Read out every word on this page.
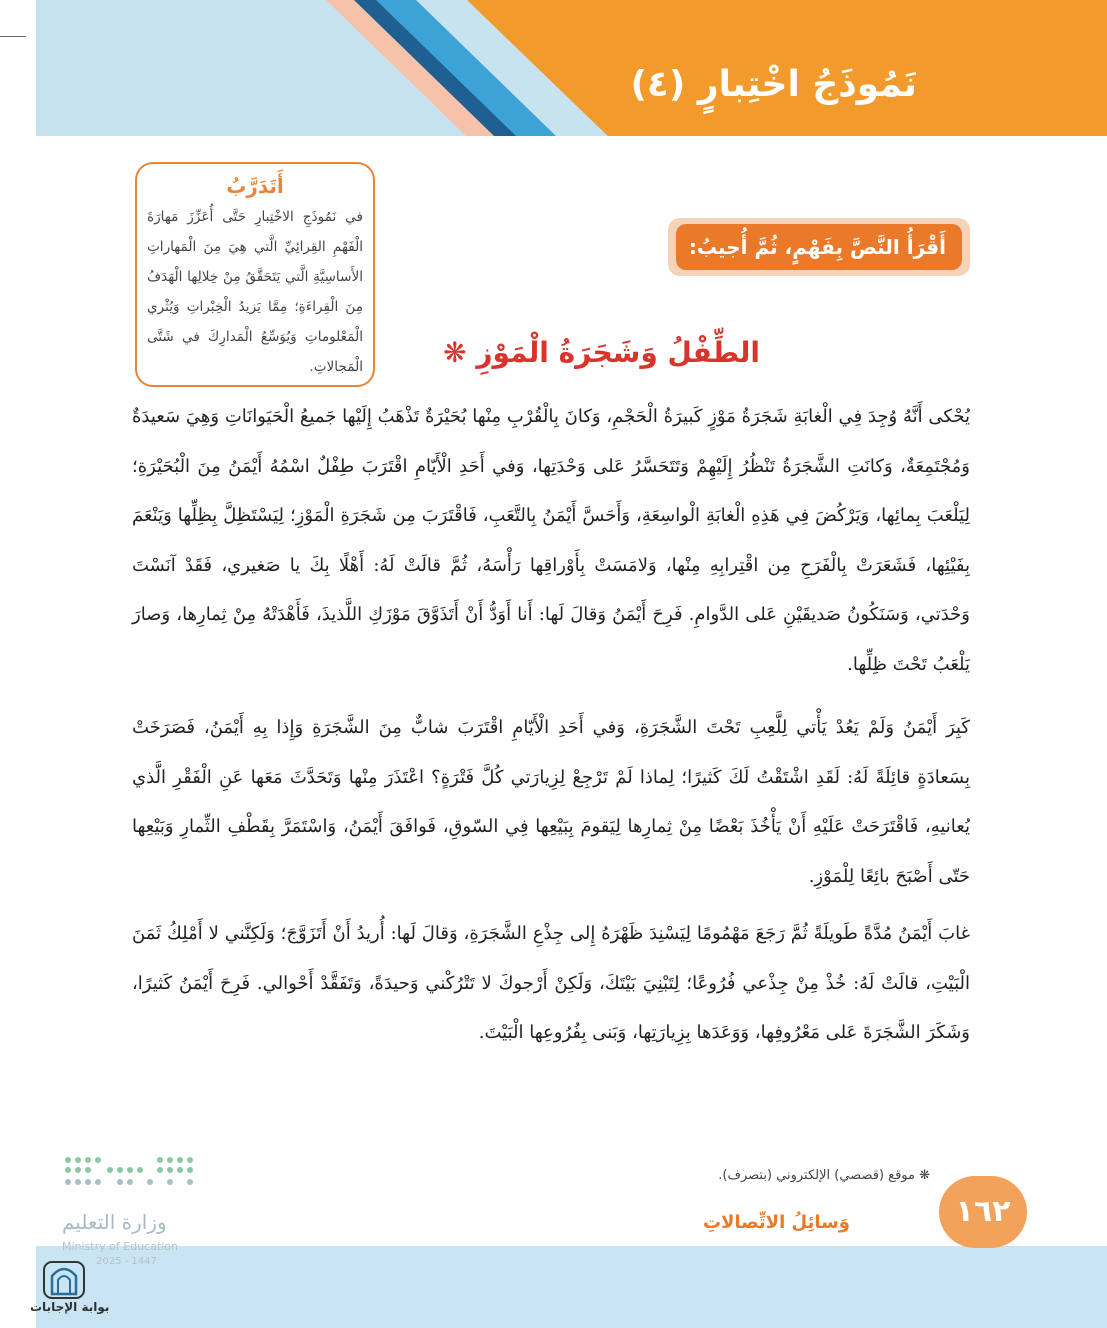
نَمُوذَجُ اخْتِبارٍ (٤)
أَتَدَرَّبُ
في نَمُوذَجِ الاخْتِبارِ حَتَّى أُعَزِّزَ مَهارَةَ الْفَهْمِ القِرائِيِّ الَّتي هِيَ مِنَ الْمَهاراتِ الأَساسِيَّةِ الَّتي يَتَحَقَّقُ مِنْ خِلالِها الْهَدَفُ مِنَ الْقِراءَةِ؛ مِمَّا يَزيدُ الْخِبْراتِ وَيُثْري الْمَعْلوماتِ وَيُوَسِّعُ الْمَدارِكَ في شَتَّى الْمَجالاتِ.
أَقْرَأُ النَّصَّ بِفَهْمٍ، ثُمَّ أُجيبُ:
الطِّفْلُ وَشَجَرَةُ الْمَوْزِ ❋

يُحْكى أَنَّهُ وُجِدَ فِي الْغابَةِ شَجَرَةُ مَوْزٍ كَبيرَةُ الْحَجْمِ، وَكانَ بِالْقُرْبِ مِنْها بُحَيْرَةٌ تَذْهَبُ إِلَيْها جَميعُ الْحَيَوانَاتِ وَهِيَ سَعيدَةٌ وَمُجْتَمِعَةٌ، وَكانَتِ الشَّجَرَةُ تَنْظُرُ إِلَيْهِمْ وَتَتَحَسَّرُ عَلى وَحْدَتِها، وَفي أَحَدِ الْأَيّامِ اقْتَرَبَ طِفْلٌ اسْمُهُ أَيْمَنُ مِنَ الْبُحَيْرَةِ؛ لِيَلْعَبَ بِمائِها، وَيَرْكُضَ فِي هَذِهِ الْغابَةِ الْواسِعَةِ، وَأَحَسَّ أَيْمَنُ بِالتَّعَبِ، فَاقْتَرَبَ مِن شَجَرَةِ الْمَوْزِ؛ لِيَسْتَظِلَّ بِظِلِّها وَيَنْعَمَ بِفَيْئِها، فَشَعَرَتْ بِالْفَرَحِ مِن اقْتِرابِهِ مِنْها، وَلامَسَتْ بِأَوْراقِها رَأْسَهُ، ثُمَّ قالَتْ لَهُ: أَهْلًا بِكَ يا صَغيري، فَقَدْ آنَسْتَ وَحْدَتي، وَسَنَكُونُ صَديقَيْنِ عَلى الدَّوامِ. فَرِحَ أَيْمَنُ وَقالَ لَها: أَنا أَوَدُّ أَنْ أَتَذَوَّقَ مَوْزَكِ اللَّذيذَ، فَأَهْدَتْهُ مِنْ ثِمارِها، وَصارَ يَلْعَبُ تَحْتَ ظِلِّها.

كَبِرَ أَيْمَنُ وَلَمْ يَعُدْ يَأْتي لِلَّعِبِ تَحْتَ الشَّجَرَةِ، وَفي أَحَدِ الْأَيّامِ اقْتَرَبَ شابٌّ مِنَ الشَّجَرَةِ وَإِذا بِهِ أَيْمَنُ، فَصَرَخَتْ بِسَعادَةٍ قائِلَةً لَهُ: لَقَدِ اشْتَقْتُ لَكَ كَثيرًا؛ لِماذا لَمْ تَرْجِعْ لِزِيارَتي كُلَّ فَتْرَةٍ؟ اعْتَذَرَ مِنْها وَتَحَدَّثَ مَعَها عَنِ الْفَقْرِ الَّذي يُعانيهِ، فَاقْتَرَحَتْ عَلَيْهِ أَنْ يَأْخُذَ بَعْضًا مِنْ ثِمارِها لِيَقومَ بِبَيْعِها فِي السّوقِ، فَوافَقَ أَيْمَنُ، وَاسْتَمَرَّ بِقَطْفِ الثِّمارِ وَبَيْعِها حَتّى أَصْبَحَ بائِعًا لِلْمَوْزِ.

غابَ أَيْمَنُ مُدَّةً طَويلَةً ثُمَّ رَجَعَ مَهْمُومًا لِيَسْنِدَ ظَهْرَهُ إِلى جِذْعِ الشَّجَرَةِ، وَقالَ لَها: أُريدُ أَنْ أَتَزَوَّجَ؛ وَلَكِنَّني لا أَمْلِكُ ثَمَنَ الْبَيْتِ، قالَتْ لَهُ: خُذْ مِنْ جِذْعي فُرُوعًا؛ لِتَبْنِيَ بَيْتَكَ، وَلَكِنْ أَرْجوكَ لا تَتْرُكْني وَحيدَةً، وَتَفَقَّدْ أَحْوالي. فَرِحَ أَيْمَنُ كَثيرًا، وَشَكَرَ الشَّجَرَةَ عَلى مَعْرُوفِها، وَوَعَدَها بِزِيارَتِها، وَبَنى بِفُرُوعِها الْبَيْتَ.

❋ موقع (قصصي) الإلكتروني (بتصرف).
وَسائِلُ الاتِّصالاتِ	١٦٢
وزارة التعليم
Ministry of Education
2025 - 1447
بوابة الإجابات
